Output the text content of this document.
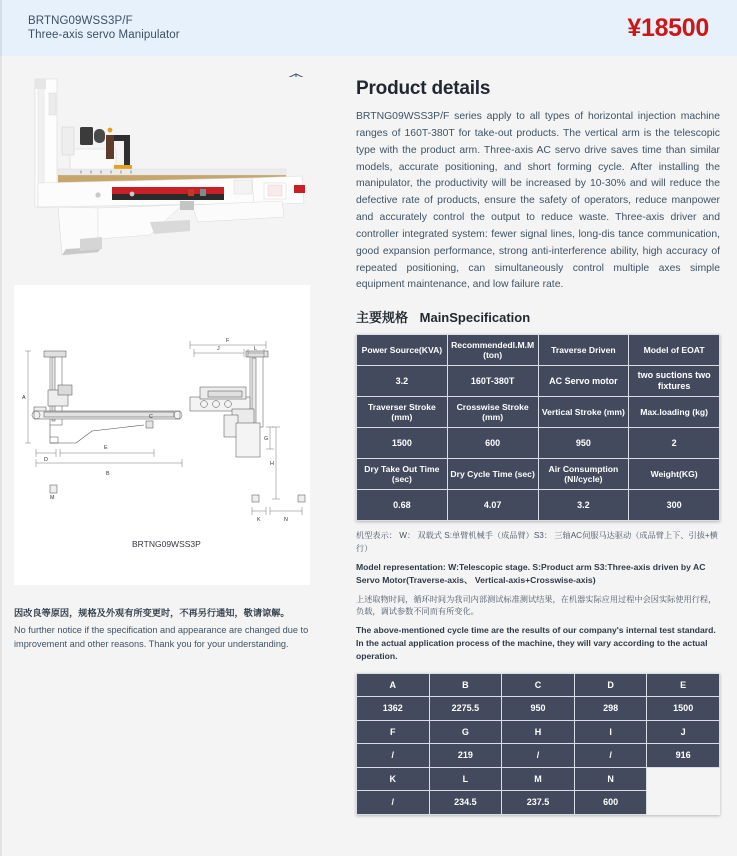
BRTNG09WSS3P/F
Three-axis servo Manipulator	¥18500
A
D
E
B
C
F
J	L
G
H
K	N
M
BRTNG09WSS3P
因改良等原因，规格及外观有所变更时，不再另行通知，敬请谅解。
No further notice if the specification and appearance are changed due to improvement and other reasons. Thank you for your understanding.
Product details
BRTNG09WSS3P/F series apply to all types of horizontal injection machine ranges of 160T-380T for take-out products. The vertical arm is the telescopic type with the product arm. Three-axis AC servo drive saves time than similar models, accurate positioning, and short forming cycle. After installing the manipulator, the productivity will be increased by 10-30% and will reduce the defective rate of products, ensure the safety of operators, reduce manpower and accurately control the output to reduce waste. Three-axis driver and controller integrated system: fewer signal lines, long-dis tance communication, good expansion performance, strong anti-interference ability, high accuracy of repeated positioning, can simultaneously control multiple axes simple equipment maintenance, and low failure rate.
主要规格 MainSpecification
Power Source(KVA)	Recommendedl.M.M (ton)	Traverse Driven	Model of EOAT
3.2	160T-380T	AC Servo motor	two suctions two fixtures
Traverser Stroke (mm)	Crosswise Stroke (mm)	Vertical Stroke (mm)	Max.loading (kg)
1500	600	950	2
Dry Take Out Time (sec)	Dry Cycle Time (sec)	Air Consumption (Nl/cycle)	Weight(KG)
0.68	4.07	3.2	300
机型表示： W： 双载式 S:单臂机械手（成品臂）S3： 三轴AC伺服马达驱动（成品臂上下、引拔+横行）
Model representation: W:Telescopic stage. S:Product arm S3:Three-axis driven by AC Servo Motor(Traverse-axis、 Vertical-axis+Crosswise-axis)
上述取物时间，循环时间为我司内部测试标准测试结果，在机器实际应用过程中会因实际使用行程，负载，调试参数不同而有所变化。
The above-mentioned cycle time are the results of our company's internal test standard. In the actual application process of the machine, they will vary according to the actual operation.
A	B	C	D	E
1362	2275.5	950	298	1500
F	G	H	I	J
/	219	/	/	916
K	L	M	N	
/	234.5	237.5	600	
